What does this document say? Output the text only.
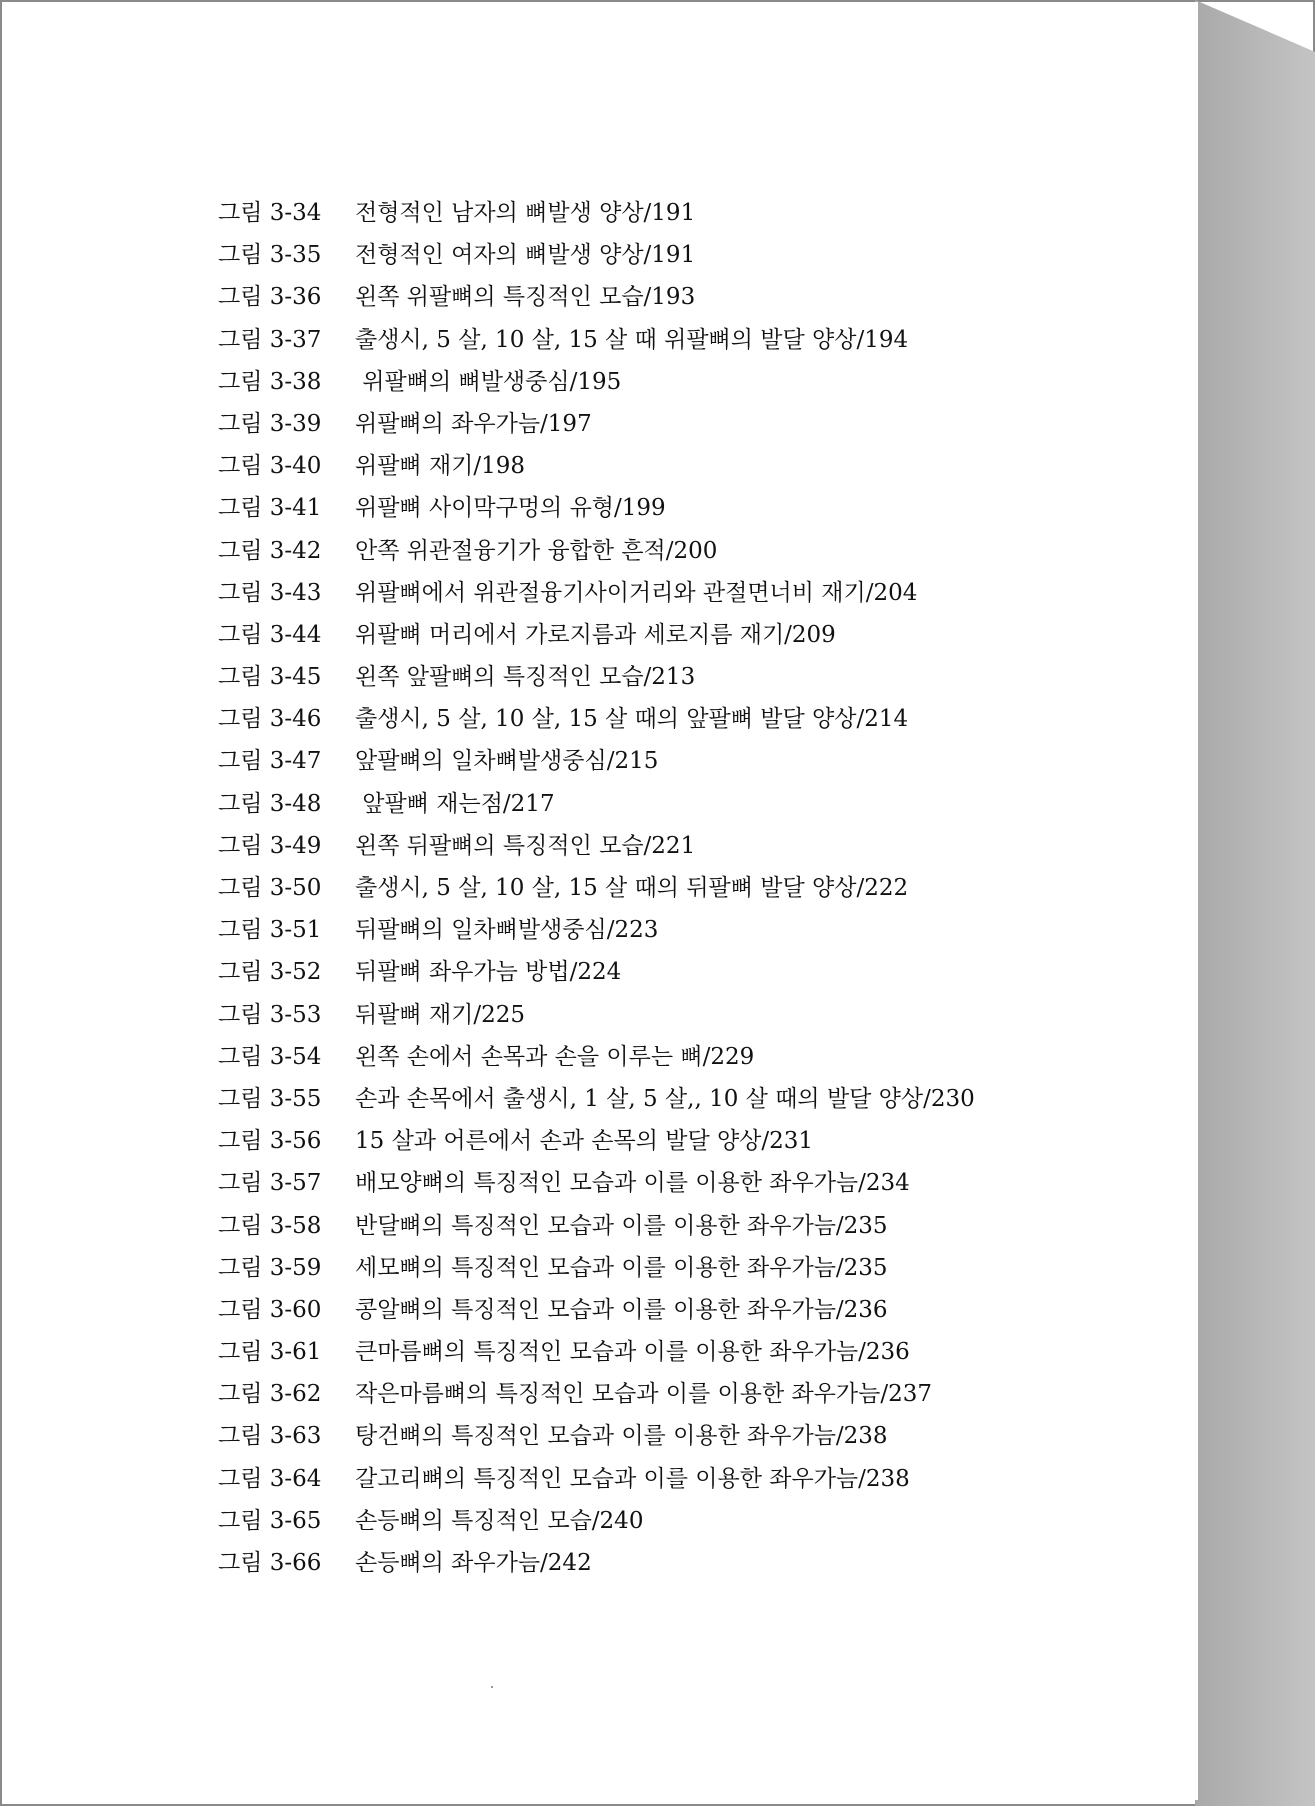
그림 3-34 전형적인 남자의 뼈발생 양상/191
그림 3-35 전형적인 여자의 뼈발생 양상/191
그림 3-36 왼쪽 위팔뼈의 특징적인 모습/193
그림 3-37 출생시, 5 살, 10 살, 15 살 때 위팔뼈의 발달 양상/194
그림 3-38 위팔뼈의 뼈발생중심/195
그림 3-39 위팔뼈의 좌우가늠/197
그림 3-40 위팔뼈 재기/198
그림 3-41 위팔뼈 사이막구멍의 유형/199
그림 3-42 안쪽 위관절융기가 융합한 흔적/200
그림 3-43 위팔뼈에서 위관절융기사이거리와 관절면너비 재기/204
그림 3-44 위팔뼈 머리에서 가로지름과 세로지름 재기/209
그림 3-45 왼쪽 앞팔뼈의 특징적인 모습/213
그림 3-46 출생시, 5 살, 10 살, 15 살 때의 앞팔뼈 발달 양상/214
그림 3-47 앞팔뼈의 일차뼈발생중심/215
그림 3-48 앞팔뼈 재는점/217
그림 3-49 왼쪽 뒤팔뼈의 특징적인 모습/221
그림 3-50 출생시, 5 살, 10 살, 15 살 때의 뒤팔뼈 발달 양상/222
그림 3-51 뒤팔뼈의 일차뼈발생중심/223
그림 3-52 뒤팔뼈 좌우가늠 방법/224
그림 3-53 뒤팔뼈 재기/225
그림 3-54 왼쪽 손에서 손목과 손을 이루는 뼈/229
그림 3-55 손과 손목에서 출생시, 1 살, 5 살,, 10 살 때의 발달 양상/230
그림 3-56 15 살과 어른에서 손과 손목의 발달 양상/231
그림 3-57 배모양뼈의 특징적인 모습과 이를 이용한 좌우가늠/234
그림 3-58 반달뼈의 특징적인 모습과 이를 이용한 좌우가늠/235
그림 3-59 세모뼈의 특징적인 모습과 이를 이용한 좌우가늠/235
그림 3-60 콩알뼈의 특징적인 모습과 이를 이용한 좌우가늠/236
그림 3-61 큰마름뼈의 특징적인 모습과 이를 이용한 좌우가늠/236
그림 3-62 작은마름뼈의 특징적인 모습과 이를 이용한 좌우가늠/237
그림 3-63 탕건뼈의 특징적인 모습과 이를 이용한 좌우가늠/238
그림 3-64 갈고리뼈의 특징적인 모습과 이를 이용한 좌우가늠/238
그림 3-65 손등뼈의 특징적인 모습/240
그림 3-66 손등뼈의 좌우가늠/242
